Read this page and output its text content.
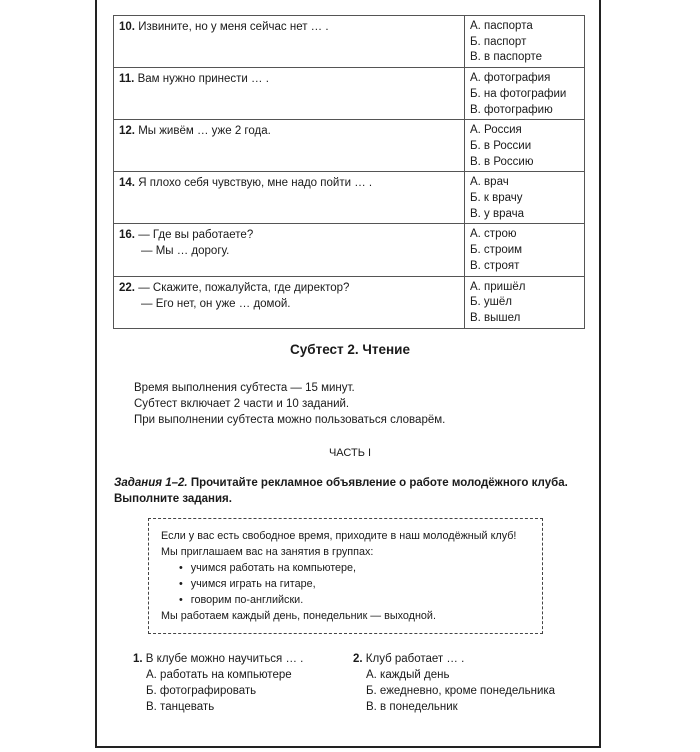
10. Извините, но у меня сейчас нет … .	А. паспорта
Б. паспорт
В. в паспорте

11. Вам нужно принести … .	А. фотография
Б. на фотографии
В. фотографию

12. Мы живём … уже 2 года.	А. Россия
Б. в России
В. в Россию

14. Я плохо себя чувствую, мне надо пойти … .	А. врач
Б. к врачу
В. у врача

16. — Где вы работаете?
— Мы … дорогу.	А. строю
Б. строим
В. строят

22. — Скажите, пожалуйста, где директор?
— Его нет, он уже … домой.	А. пришёл
Б. ушёл
В. вышел
Субтест 2. Чтение
Время выполнения субтеста — 15 минут.
Субтест включает 2 части и 10 заданий.
При выполнении субтеста можно пользоваться словарём.
ЧАСТЬ I
Задания 1–2. Прочитайте рекламное объявление о работе молодёжного клуба. Выполните задания.
Если у вас есть свободное время, приходите в наш молодёжный клуб!
Мы приглашаем вас на занятия в группах:
• учимся работать на компьютере,
• учимся играть на гитаре,
• говорим по-английски.
Мы работаем каждый день, понедельник — выходной.
1. В клубе можно научиться … .
А. работать на компьютере
Б. фотографировать
В. танцевать
2. Клуб работает … .
А. каждый день
Б. ежедневно, кроме понедельника
В. в понедельник
